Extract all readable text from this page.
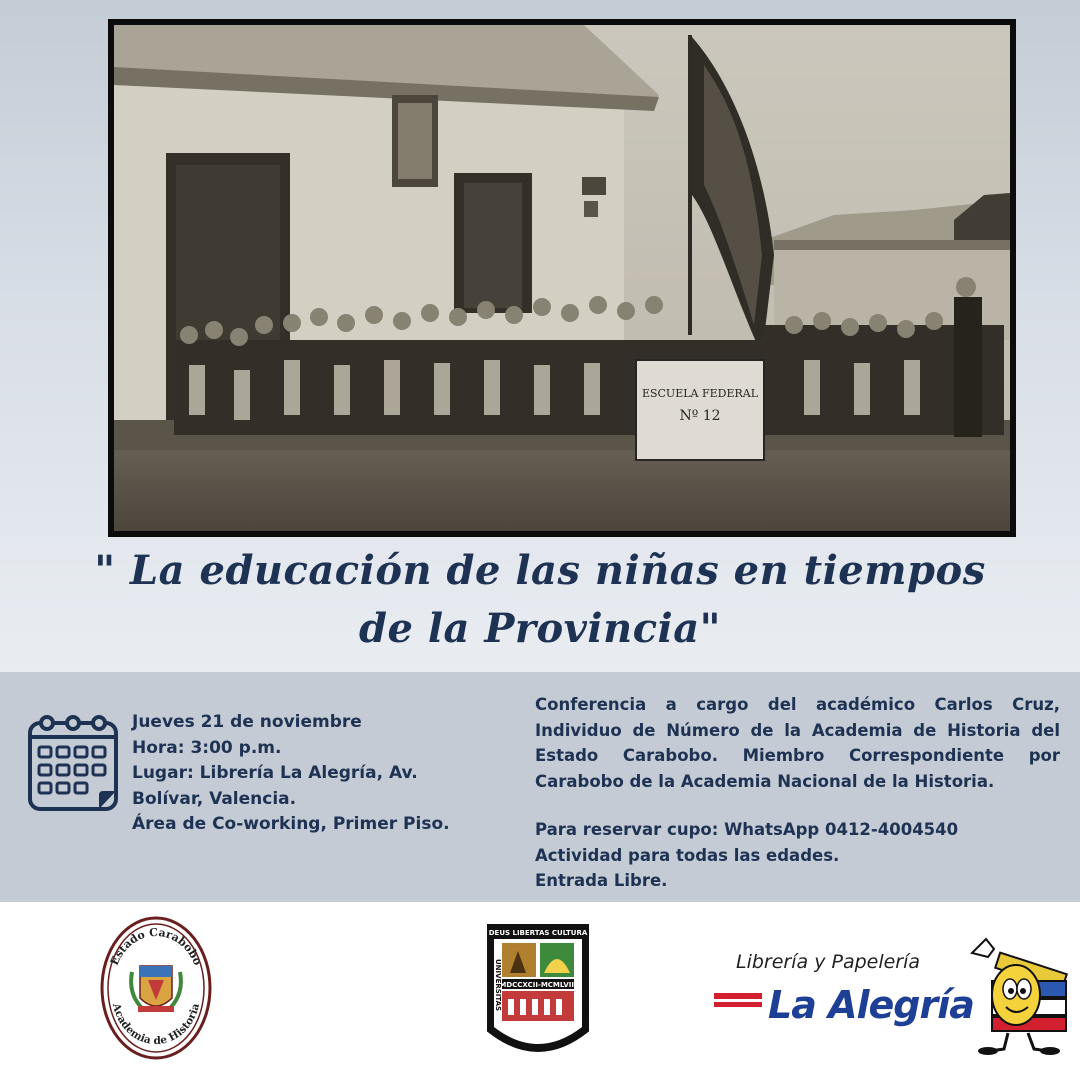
ESCUELA FEDERAL
Nº 12
" La educación de las niñas en tiempos de la Provincia"
Jueves 21 de noviembre
Hora: 3:00 p.m.
Lugar: Librería La Alegría, Av.
Bolívar, Valencia.
Área de Co-working, Primer Piso.

Conferencia a cargo del académico Carlos Cruz, Individuo de Número de la Academia de Historia del Estado Carabobo. Miembro Correspondiente por Carabobo de la Academia Nacional de la Historia.

Para reservar cupo: WhatsApp 0412-4004540
Actividad para todas las edades.
Entrada Libre.
Estado Carabobo
Academia de Historia
DEUS LIBERTAS CULTURA
MDCCXCII-MCMLVIII
UNIVERSITAS	CARABOBENSIS	Librería y Papelería
La Alegría
